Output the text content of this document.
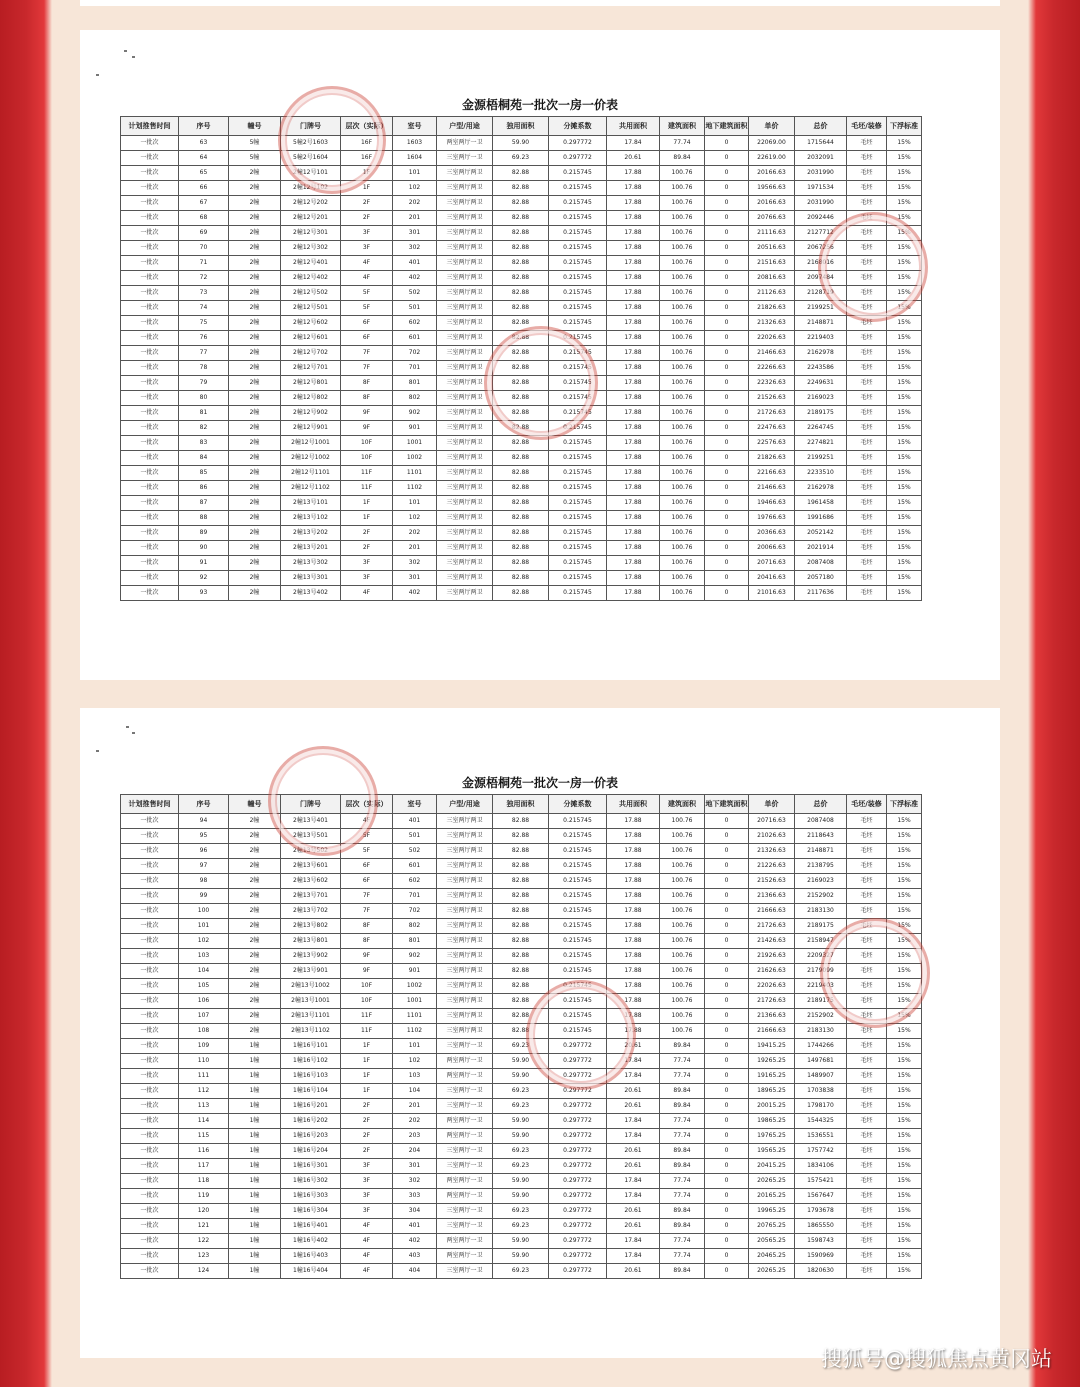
金源梧桐苑一批次一房一价表
计划推售时间	序号	幢号	门牌号	层次（实际）	室号	户型/用途	独用面积	分摊系数	共用面积	建筑面积	地下建筑面积	单价	总价	毛坯/装修	下浮标准
一批次	63	5幢	5幢2号1603	16F	1603	两室两厅一卫	59.90	0.297772	17.84	77.74	0	22069.00	1715644	毛坯	15%
一批次	64	5幢	5幢2号1604	16F	1604	三室两厅一卫	69.23	0.297772	20.61	89.84	0	22619.00	2032091	毛坯	15%
一批次	65	2幢	2幢12号101	1F	101	三室两厅两卫	82.88	0.215745	17.88	100.76	0	20166.63	2031990	毛坯	15%
一批次	66	2幢	2幢12号102	1F	102	三室两厅两卫	82.88	0.215745	17.88	100.76	0	19566.63	1971534	毛坯	15%
一批次	67	2幢	2幢12号202	2F	202	三室两厅两卫	82.88	0.215745	17.88	100.76	0	20166.63	2031990	毛坯	15%
一批次	68	2幢	2幢12号201	2F	201	三室两厅两卫	82.88	0.215745	17.88	100.76	0	20766.63	2092446	毛坯	15%
一批次	69	2幢	2幢12号301	3F	301	三室两厅两卫	82.88	0.215745	17.88	100.76	0	21116.63	2127712	毛坯	15%
一批次	70	2幢	2幢12号302	3F	302	三室两厅两卫	82.88	0.215745	17.88	100.76	0	20516.63	2067256	毛坯	15%
一批次	71	2幢	2幢12号401	4F	401	三室两厅两卫	82.88	0.215745	17.88	100.76	0	21516.63	2168016	毛坯	15%
一批次	72	2幢	2幢12号402	4F	402	三室两厅两卫	82.88	0.215745	17.88	100.76	0	20816.63	2097484	毛坯	15%
一批次	73	2幢	2幢12号502	5F	502	三室两厅两卫	82.88	0.215745	17.88	100.76	0	21126.63	2128719	毛坯	15%
一批次	74	2幢	2幢12号501	5F	501	三室两厅两卫	82.88	0.215745	17.88	100.76	0	21826.63	2199251	毛坯	15%
一批次	75	2幢	2幢12号602	6F	602	三室两厅两卫	82.88	0.215745	17.88	100.76	0	21326.63	2148871	毛坯	15%
一批次	76	2幢	2幢12号601	6F	601	三室两厅两卫	82.88	0.215745	17.88	100.76	0	22026.63	2219403	毛坯	15%
一批次	77	2幢	2幢12号702	7F	702	三室两厅两卫	82.88	0.215745	17.88	100.76	0	21466.63	2162978	毛坯	15%
一批次	78	2幢	2幢12号701	7F	701	三室两厅两卫	82.88	0.215745	17.88	100.76	0	22266.63	2243586	毛坯	15%
一批次	79	2幢	2幢12号801	8F	801	三室两厅两卫	82.88	0.215745	17.88	100.76	0	22326.63	2249631	毛坯	15%
一批次	80	2幢	2幢12号802	8F	802	三室两厅两卫	82.88	0.215745	17.88	100.76	0	21526.63	2169023	毛坯	15%
一批次	81	2幢	2幢12号902	9F	902	三室两厅两卫	82.88	0.215745	17.88	100.76	0	21726.63	2189175	毛坯	15%
一批次	82	2幢	2幢12号901	9F	901	三室两厅两卫	82.88	0.215745	17.88	100.76	0	22476.63	2264745	毛坯	15%
一批次	83	2幢	2幢12号1001	10F	1001	三室两厅两卫	82.88	0.215745	17.88	100.76	0	22576.63	2274821	毛坯	15%
一批次	84	2幢	2幢12号1002	10F	1002	三室两厅两卫	82.88	0.215745	17.88	100.76	0	21826.63	2199251	毛坯	15%
一批次	85	2幢	2幢12号1101	11F	1101	三室两厅两卫	82.88	0.215745	17.88	100.76	0	22166.63	2233510	毛坯	15%
一批次	86	2幢	2幢12号1102	11F	1102	三室两厅两卫	82.88	0.215745	17.88	100.76	0	21466.63	2162978	毛坯	15%
一批次	87	2幢	2幢13号101	1F	101	三室两厅两卫	82.88	0.215745	17.88	100.76	0	19466.63	1961458	毛坯	15%
一批次	88	2幢	2幢13号102	1F	102	三室两厅两卫	82.88	0.215745	17.88	100.76	0	19766.63	1991686	毛坯	15%
一批次	89	2幢	2幢13号202	2F	202	三室两厅两卫	82.88	0.215745	17.88	100.76	0	20366.63	2052142	毛坯	15%
一批次	90	2幢	2幢13号201	2F	201	三室两厅两卫	82.88	0.215745	17.88	100.76	0	20066.63	2021914	毛坯	15%
一批次	91	2幢	2幢13号302	3F	302	三室两厅两卫	82.88	0.215745	17.88	100.76	0	20716.63	2087408	毛坯	15%
一批次	92	2幢	2幢13号301	3F	301	三室两厅两卫	82.88	0.215745	17.88	100.76	0	20416.63	2057180	毛坯	15%
一批次	93	2幢	2幢13号402	4F	402	三室两厅两卫	82.88	0.215745	17.88	100.76	0	21016.63	2117636	毛坯	15%
金源梧桐苑一批次一房一价表
计划推售时间	序号	幢号	门牌号	层次（实际）	室号	户型/用途	独用面积	分摊系数	共用面积	建筑面积	地下建筑面积	单价	总价	毛坯/装修	下浮标准
一批次	94	2幢	2幢13号401	4F	401	三室两厅两卫	82.88	0.215745	17.88	100.76	0	20716.63	2087408	毛坯	15%
一批次	95	2幢	2幢13号501	5F	501	三室两厅两卫	82.88	0.215745	17.88	100.76	0	21026.63	2118643	毛坯	15%
一批次	96	2幢	2幢13号502	5F	502	三室两厅两卫	82.88	0.215745	17.88	100.76	0	21326.63	2148871	毛坯	15%
一批次	97	2幢	2幢13号601	6F	601	三室两厅两卫	82.88	0.215745	17.88	100.76	0	21226.63	2138795	毛坯	15%
一批次	98	2幢	2幢13号602	6F	602	三室两厅两卫	82.88	0.215745	17.88	100.76	0	21526.63	2169023	毛坯	15%
一批次	99	2幢	2幢13号701	7F	701	三室两厅两卫	82.88	0.215745	17.88	100.76	0	21366.63	2152902	毛坯	15%
一批次	100	2幢	2幢13号702	7F	702	三室两厅两卫	82.88	0.215745	17.88	100.76	0	21666.63	2183130	毛坯	15%
一批次	101	2幢	2幢13号802	8F	802	三室两厅两卫	82.88	0.215745	17.88	100.76	0	21726.63	2189175	毛坯	15%
一批次	102	2幢	2幢13号801	8F	801	三室两厅两卫	82.88	0.215745	17.88	100.76	0	21426.63	2158947	毛坯	15%
一批次	103	2幢	2幢13号902	9F	902	三室两厅两卫	82.88	0.215745	17.88	100.76	0	21926.63	2209327	毛坯	15%
一批次	104	2幢	2幢13号901	9F	901	三室两厅两卫	82.88	0.215745	17.88	100.76	0	21626.63	2179099	毛坯	15%
一批次	105	2幢	2幢13号1002	10F	1002	三室两厅两卫	82.88	0.215745	17.88	100.76	0	22026.63	2219403	毛坯	15%
一批次	106	2幢	2幢13号1001	10F	1001	三室两厅两卫	82.88	0.215745	17.88	100.76	0	21726.63	2189175	毛坯	15%
一批次	107	2幢	2幢13号1101	11F	1101	三室两厅两卫	82.88	0.215745	17.88	100.76	0	21366.63	2152902	毛坯	15%
一批次	108	2幢	2幢13号1102	11F	1102	三室两厅两卫	82.88	0.215745	17.88	100.76	0	21666.63	2183130	毛坯	15%
一批次	109	1幢	1幢16号101	1F	101	三室两厅一卫	69.23	0.297772	20.61	89.84	0	19415.25	1744266	毛坯	15%
一批次	110	1幢	1幢16号102	1F	102	两室两厅一卫	59.90	0.297772	17.84	77.74	0	19265.25	1497681	毛坯	15%
一批次	111	1幢	1幢16号103	1F	103	两室两厅一卫	59.90	0.297772	17.84	77.74	0	19165.25	1489907	毛坯	15%
一批次	112	1幢	1幢16号104	1F	104	三室两厅一卫	69.23	0.297772	20.61	89.84	0	18965.25	1703838	毛坯	15%
一批次	113	1幢	1幢16号201	2F	201	三室两厅一卫	69.23	0.297772	20.61	89.84	0	20015.25	1798170	毛坯	15%
一批次	114	1幢	1幢16号202	2F	202	两室两厅一卫	59.90	0.297772	17.84	77.74	0	19865.25	1544325	毛坯	15%
一批次	115	1幢	1幢16号203	2F	203	两室两厅一卫	59.90	0.297772	17.84	77.74	0	19765.25	1536551	毛坯	15%
一批次	116	1幢	1幢16号204	2F	204	三室两厅一卫	69.23	0.297772	20.61	89.84	0	19565.25	1757742	毛坯	15%
一批次	117	1幢	1幢16号301	3F	301	三室两厅一卫	69.23	0.297772	20.61	89.84	0	20415.25	1834106	毛坯	15%
一批次	118	1幢	1幢16号302	3F	302	两室两厅一卫	59.90	0.297772	17.84	77.74	0	20265.25	1575421	毛坯	15%
一批次	119	1幢	1幢16号303	3F	303	两室两厅一卫	59.90	0.297772	17.84	77.74	0	20165.25	1567647	毛坯	15%
一批次	120	1幢	1幢16号304	3F	304	三室两厅一卫	69.23	0.297772	20.61	89.84	0	19965.25	1793678	毛坯	15%
一批次	121	1幢	1幢16号401	4F	401	三室两厅一卫	69.23	0.297772	20.61	89.84	0	20765.25	1865550	毛坯	15%
一批次	122	1幢	1幢16号402	4F	402	两室两厅一卫	59.90	0.297772	17.84	77.74	0	20565.25	1598743	毛坯	15%
一批次	123	1幢	1幢16号403	4F	403	两室两厅一卫	59.90	0.297772	17.84	77.74	0	20465.25	1590969	毛坯	15%
一批次	124	1幢	1幢16号404	4F	404	三室两厅一卫	69.23	0.297772	20.61	89.84	0	20265.25	1820630	毛坯	15%
搜狐号@搜狐焦点黄冈站
